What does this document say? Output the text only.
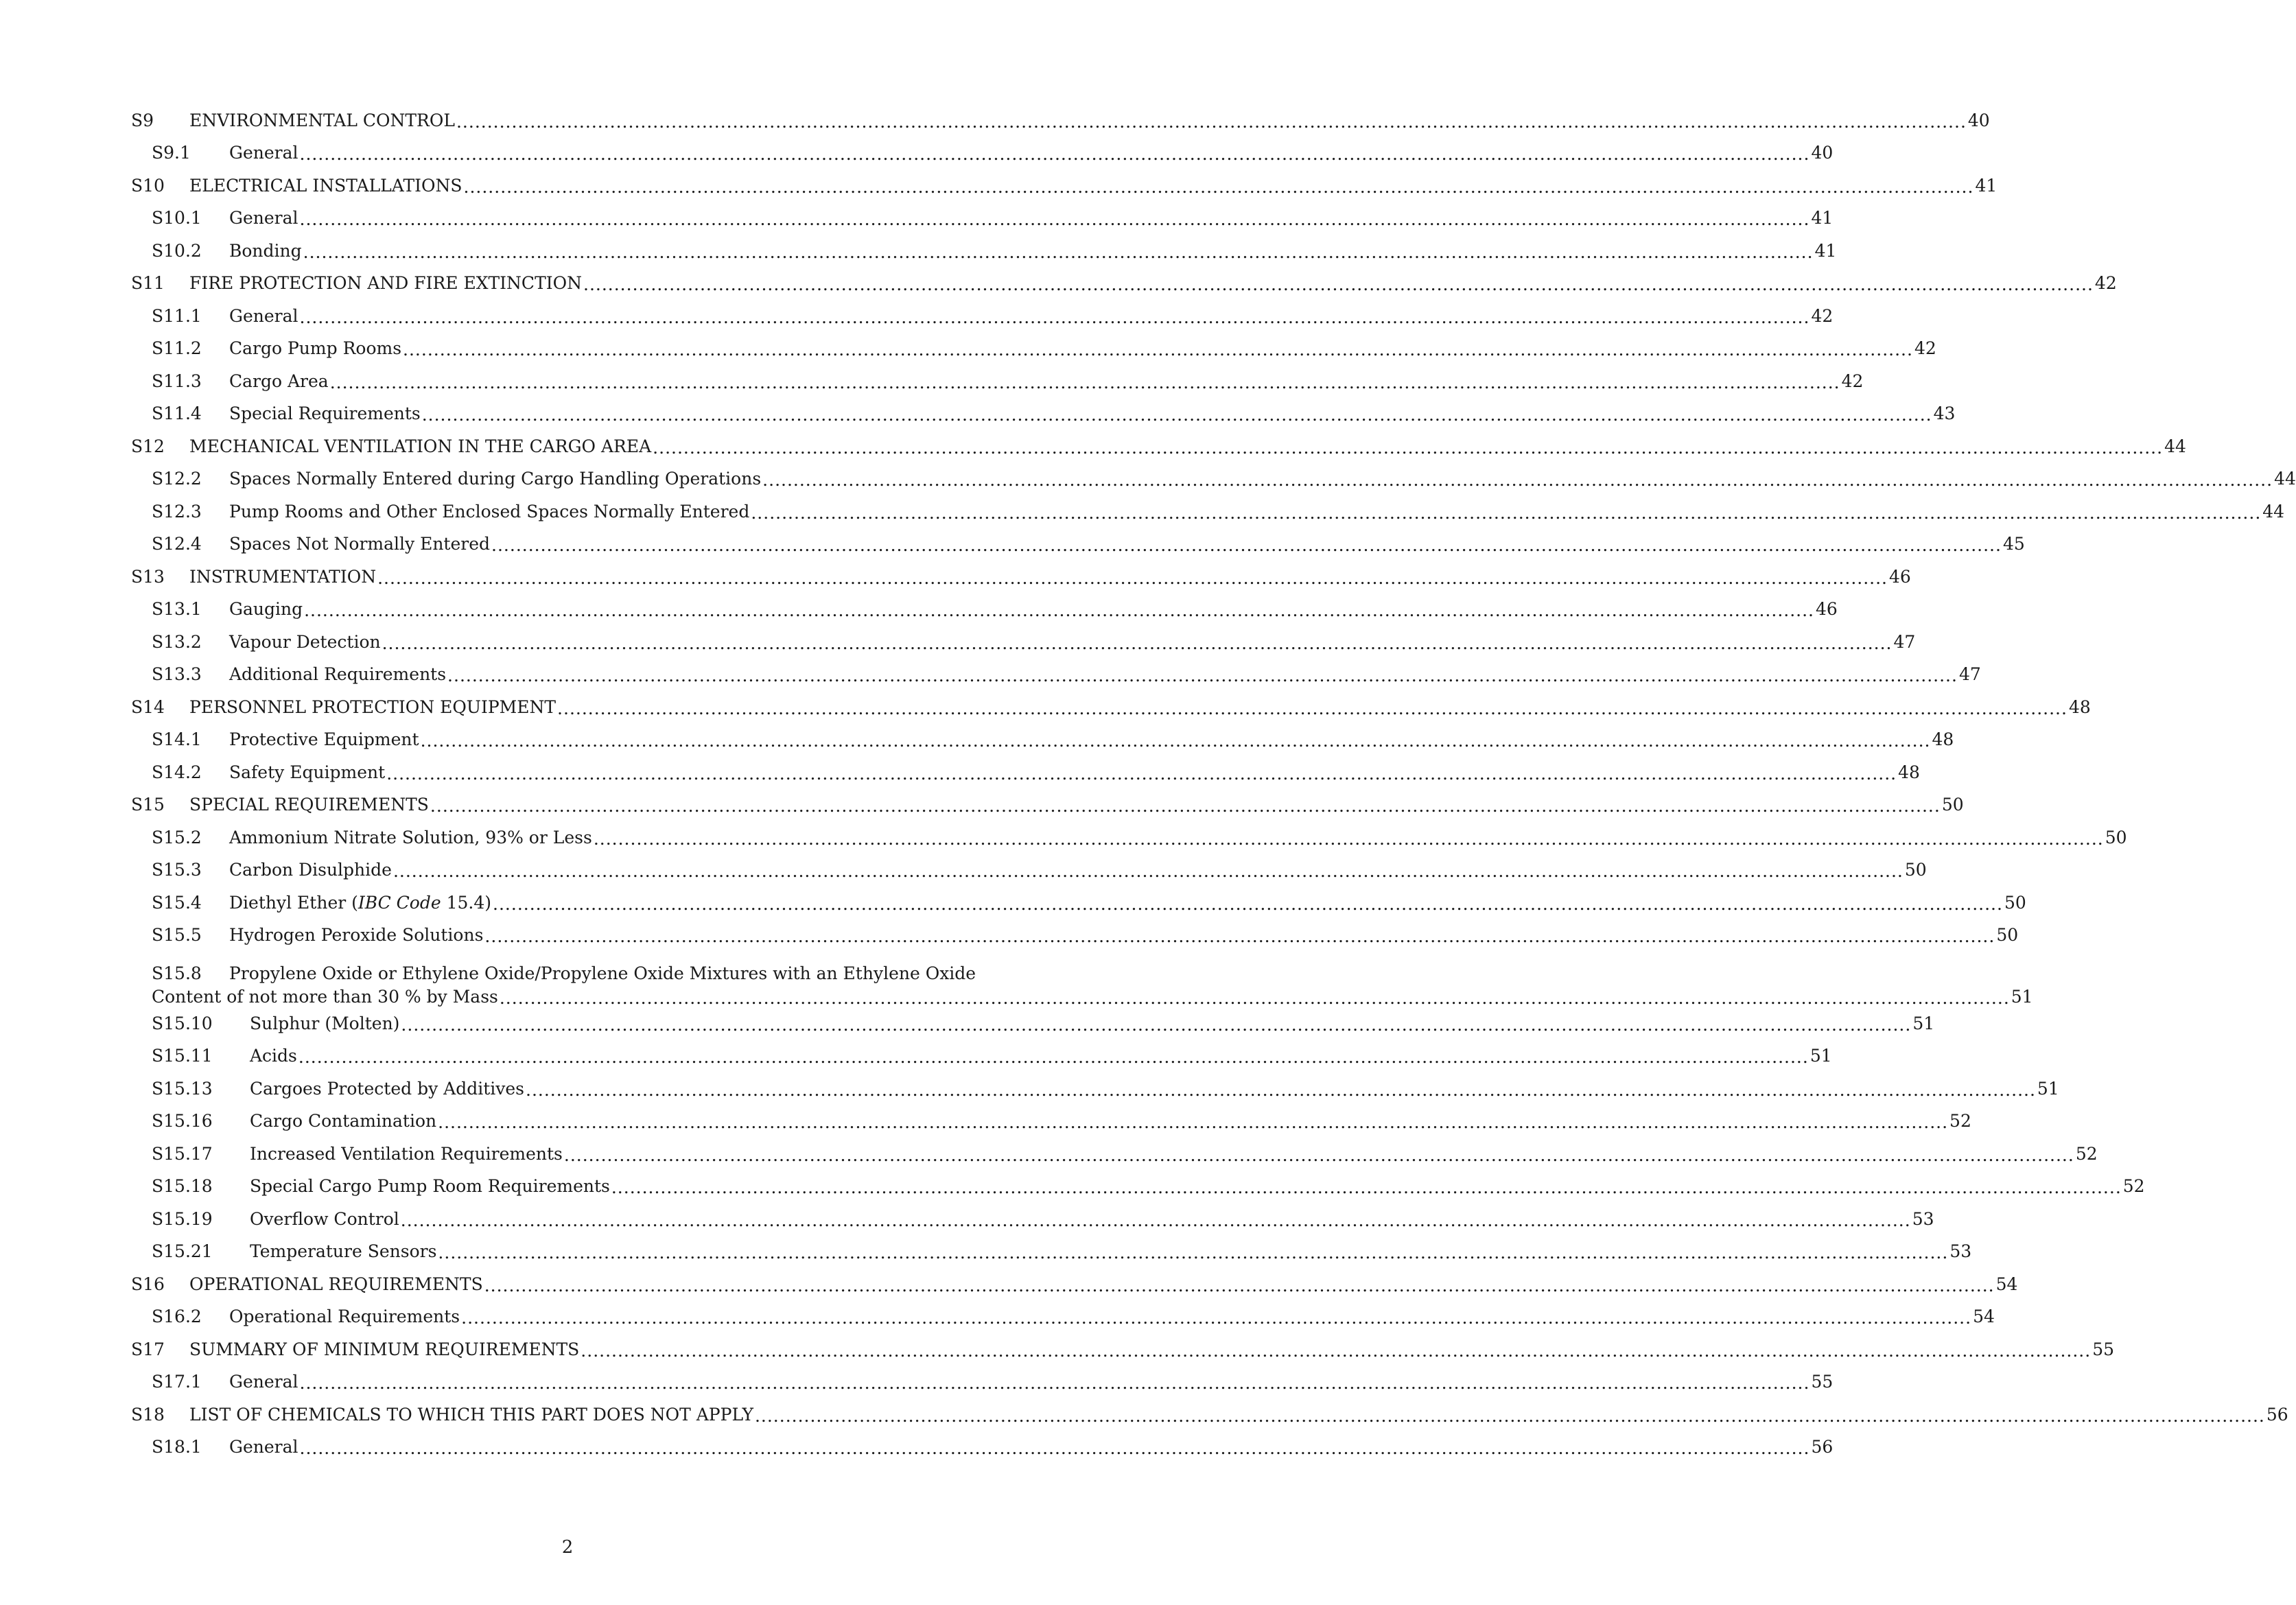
S9	ENVIRONMENTAL CONTROL .....	40
S9.1	General .....	40
S10	ELECTRICAL INSTALLATIONS .....	41
S10.1	General .....	41
S10.2	Bonding .....	41
S11	FIRE PROTECTION AND FIRE EXTINCTION .....	42
S11.1	General .....	42
S11.2	Cargo Pump Rooms .....	42
S11.3	Cargo Area .....	42
S11.4	Special Requirements .....	43
S12	MECHANICAL VENTILATION IN THE CARGO AREA .....	44
S12.2	Spaces Normally Entered during Cargo Handling Operations .....	44
S12.3	Pump Rooms and Other Enclosed Spaces Normally Entered .....	44
S12.4	Spaces Not Normally Entered .....	45
S13	INSTRUMENTATION .....	46
S13.1	Gauging .....	46
S13.2	Vapour Detection .....	47
S13.3	Additional Requirements .....	47
S14	PERSONNEL PROTECTION EQUIPMENT .....	48
S14.1	Protective Equipment .....	48
S14.2	Safety Equipment .....	48
S15	SPECIAL REQUIREMENTS .....	50
S15.2	Ammonium Nitrate Solution, 93% or Less .....	50
S15.3	Carbon Disulphide .....	50
S15.4	Diethyl Ether (IBC Code 15.4) .....	50
S15.5	Hydrogen Peroxide Solutions .....	50
S15.8	Propylene Oxide or Ethylene Oxide/Propylene Oxide Mixtures with an Ethylene Oxide
Content of not more than 30 % by Mass .....	51
S15.10	Sulphur (Molten) .....	51
S15.11	Acids .....	51
S15.13	Cargoes Protected by Additives .....	51
S15.16	Cargo Contamination .....	52
S15.17	Increased Ventilation Requirements .....	52
S15.18	Special Cargo Pump Room Requirements .....	52
S15.19	Overflow Control .....	53
S15.21	Temperature Sensors .....	53
S16	OPERATIONAL REQUIREMENTS .....	54
S16.2	Operational Requirements .....	54
S17	SUMMARY OF MINIMUM REQUIREMENTS .....	55
S17.1	General .....	55
S18	LIST OF CHEMICALS TO WHICH THIS PART DOES NOT APPLY .....	56
S18.1	General .....	56
2
